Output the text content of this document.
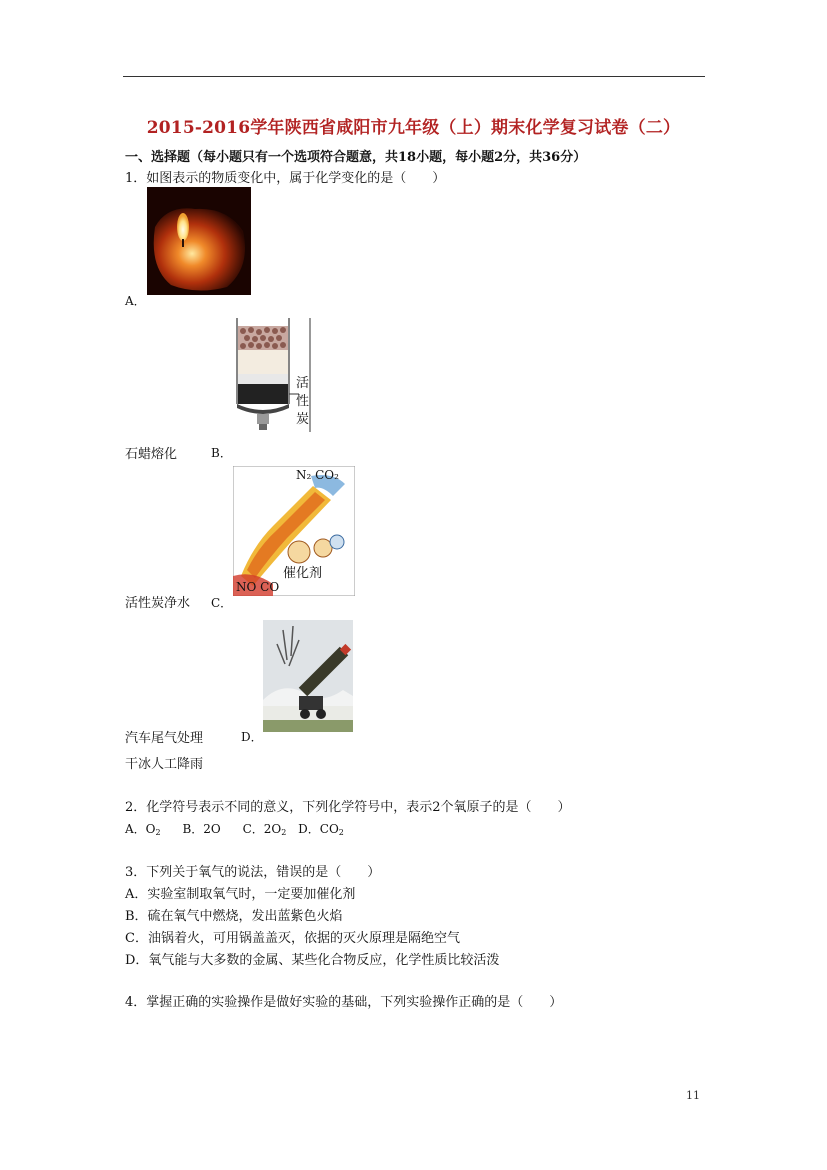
2015-2016学年陕西省咸阳市九年级（上）期末化学复习试卷（二）
一、选择题（每小题只有一个选项符合题意，共18小题，每小题2分，共36分）
1．如图表示的物质变化中，属于化学变化的是（　　）
A．
活
性
炭
石蜡熔化	B．
N₂ CO₂
催化剂
NO CO
活性炭净水 C．
汽车尾气处理	D．
干冰人工降雨
2．化学符号表示不同的意义，下列化学符号中，表示2个氧原子的是（　　）
A．$O_2$ B．2O C．$2O_2$ D．$CO_2$
3．下列关于氧气的说法，错误的是（　　）
A．实验室制取氧气时，一定要加催化剂
B．硫在氧气中燃烧，发出蓝紫色火焰
C．油锅着火，可用锅盖盖灭，依据的灭火原理是隔绝空气
D．氧气能与大多数的金属、某些化合物反应，化学性质比较活泼
4．掌握正确的实验操作是做好实验的基础，下列实验操作正确的是（　　）
11
